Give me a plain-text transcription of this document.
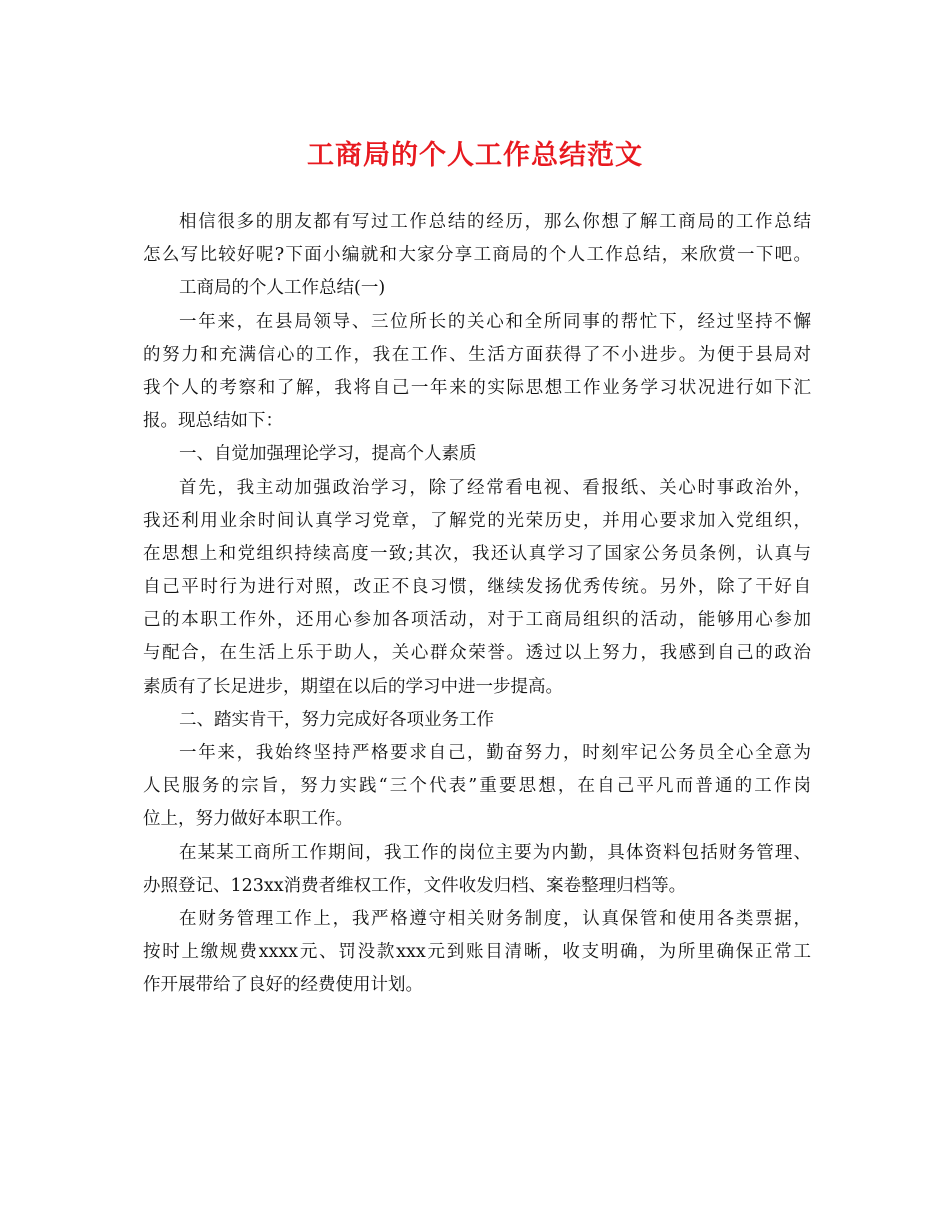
工商局的个人工作总结范文
相信很多的朋友都有写过工作总结的经历，那么你想了解工商局的工作总结
怎么写比较好呢?下面小编就和大家分享工商局的个人工作总结，来欣赏一下吧。
工商局的个人工作总结(一)
一年来，在县局领导、三位所长的关心和全所同事的帮忙下，经过坚持不懈
的努力和充满信心的工作，我在工作、生活方面获得了不小进步。为便于县局对
我个人的考察和了解，我将自己一年来的实际思想工作业务学习状况进行如下汇
报。现总结如下：
一、自觉加强理论学习，提高个人素质
首先，我主动加强政治学习，除了经常看电视、看报纸、关心时事政治外，
我还利用业余时间认真学习党章，了解党的光荣历史，并用心要求加入党组织，
在思想上和党组织持续高度一致;其次，我还认真学习了国家公务员条例，认真与
自己平时行为进行对照，改正不良习惯，继续发扬优秀传统。另外，除了干好自
己的本职工作外，还用心参加各项活动，对于工商局组织的活动，能够用心参加
与配合，在生活上乐于助人，关心群众荣誉。透过以上努力，我感到自己的政治
素质有了长足进步，期望在以后的学习中进一步提高。
二、踏实肯干，努力完成好各项业务工作
一年来，我始终坚持严格要求自己，勤奋努力，时刻牢记公务员全心全意为
人民服务的宗旨，努力实践“三个代表”重要思想，在自己平凡而普通的工作岗
位上，努力做好本职工作。
在某某工商所工作期间，我工作的岗位主要为内勤，具体资料包括财务管理、
办照登记、123xx消费者维权工作，文件收发归档、案卷整理归档等。
在财务管理工作上，我严格遵守相关财务制度，认真保管和使用各类票据，
按时上缴规费xxxx元、罚没款xxx元到账目清晰，收支明确，为所里确保正常工
作开展带给了良好的经费使用计划。
